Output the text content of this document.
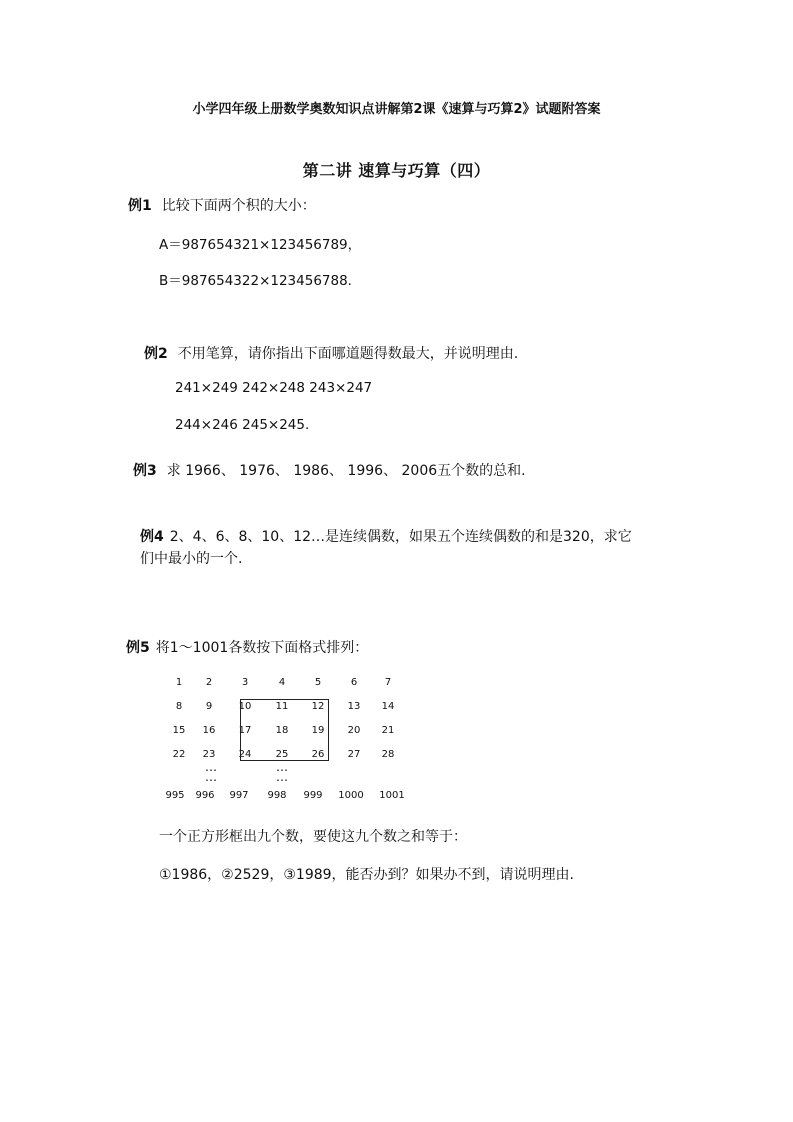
小学四年级上册数学奥数知识点讲解第2课《速算与巧算2》试题附答案
第二讲 速算与巧算（四）
例1 比较下面两个积的大小：
A＝987654321×123456789，
B＝987654322×123456788.
例2 不用笔算，请你指出下面哪道题得数最大，并说明理由.
241×249 242×248 243×247
244×246 245×245.
例3 求 1966、 1976、 1986、 1996、 2006五个数的总和.
例4 2、4、6、8、10、12…是连续偶数，如果五个连续偶数的和是320，求它
们中最小的一个.
例5 将1～1001各数按下面格式排列：
1	2	3	4	5	6	7
8	9	10	11	12	13	14
15	16	17	18	19	20	21
22	23	24	25	26	27	28
…
…
…
…
995	996	997	998	999	1000 1001
一个正方形框出九个数，要使这九个数之和等于：
①1986，②2529，③1989，能否办到？如果办不到，请说明理由.
